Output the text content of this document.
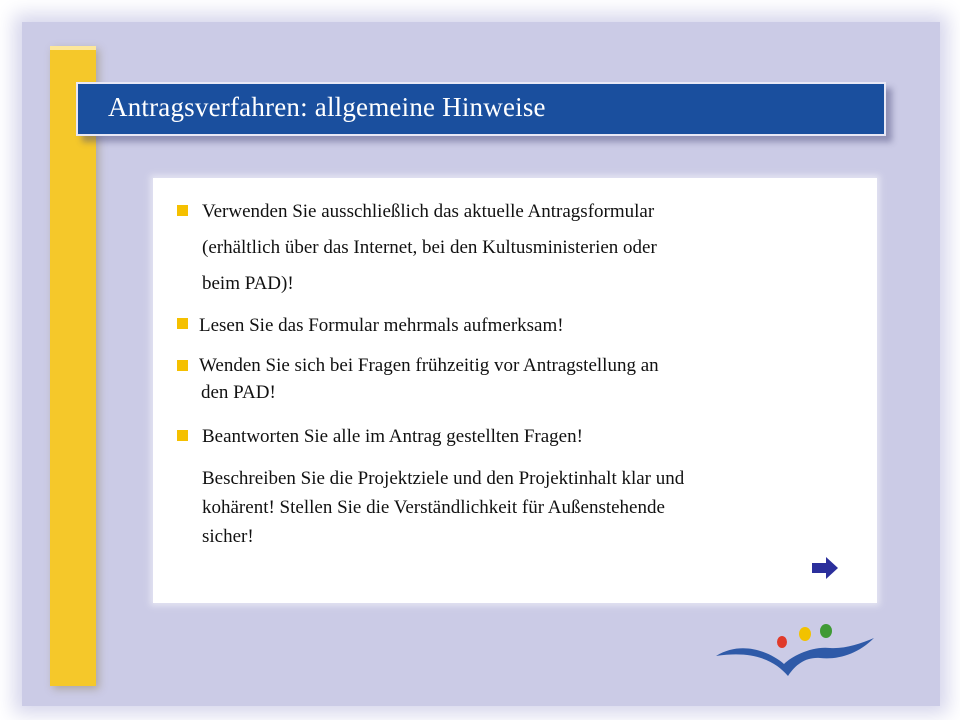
Antragsverfahren: allgemeine Hinweise
Verwenden Sie ausschließlich das aktuelle Antragsformular
(erhältlich über das Internet, bei den Kultusministerien oder
beim PAD)!
Lesen Sie das Formular mehrmals aufmerksam!
Wenden Sie sich bei Fragen frühzeitig vor Antragstellung an
den PAD!
Beantworten Sie alle im Antrag gestellten Fragen!
Beschreiben Sie die Projektziele und den Projektinhalt klar und
kohärent! Stellen Sie die Verständlichkeit für Außenstehende
sicher!
